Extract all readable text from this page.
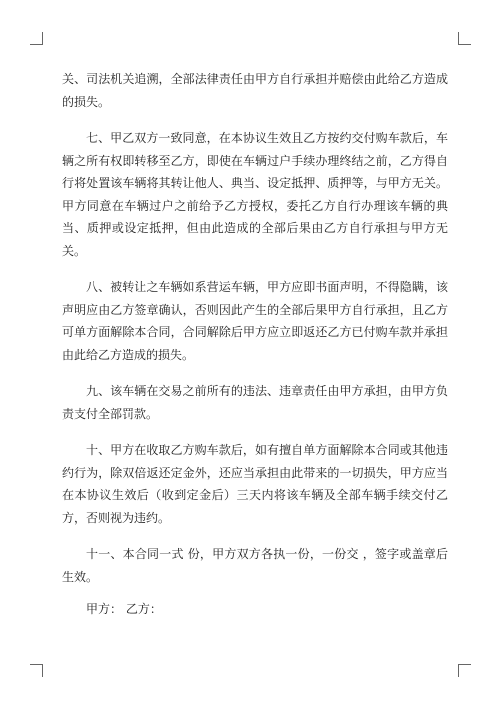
关、司法机关追溯，全部法律责任由甲方自行承担并赔偿由此给乙方造成的损失。

七、甲乙双方一致同意，在本协议生效且乙方按约交付购车款后，车辆之所有权即转移至乙方，即使在车辆过户手续办理终结之前，乙方得自行将处置该车辆将其转让他人、典当、设定抵押、质押等，与甲方无关。甲方同意在车辆过户之前给予乙方授权，委托乙方自行办理该车辆的典当、质押或设定抵押，但由此造成的全部后果由乙方自行承担与甲方无关。

八、被转让之车辆如系营运车辆，甲方应即书面声明，不得隐瞒，该声明应由乙方签章确认，否则因此产生的全部后果甲方自行承担，且乙方可单方面解除本合同，合同解除后甲方应立即返还乙方已付购车款并承担由此给乙方造成的损失。

九、该车辆在交易之前所有的违法、违章责任由甲方承担，由甲方负责支付全部罚款。

十、甲方在收取乙方购车款后，如有擅自单方面解除本合同或其他违约行为，除双倍返还定金外，还应当承担由此带来的一切损失，甲方应当在本协议生效后（收到定金后）三天内将该车辆及全部车辆手续交付乙方，否则视为违约。

十一、本合同一式 份，甲方双方各执一份，一份交 ，签字或盖章后生效。

甲方： 乙方：
